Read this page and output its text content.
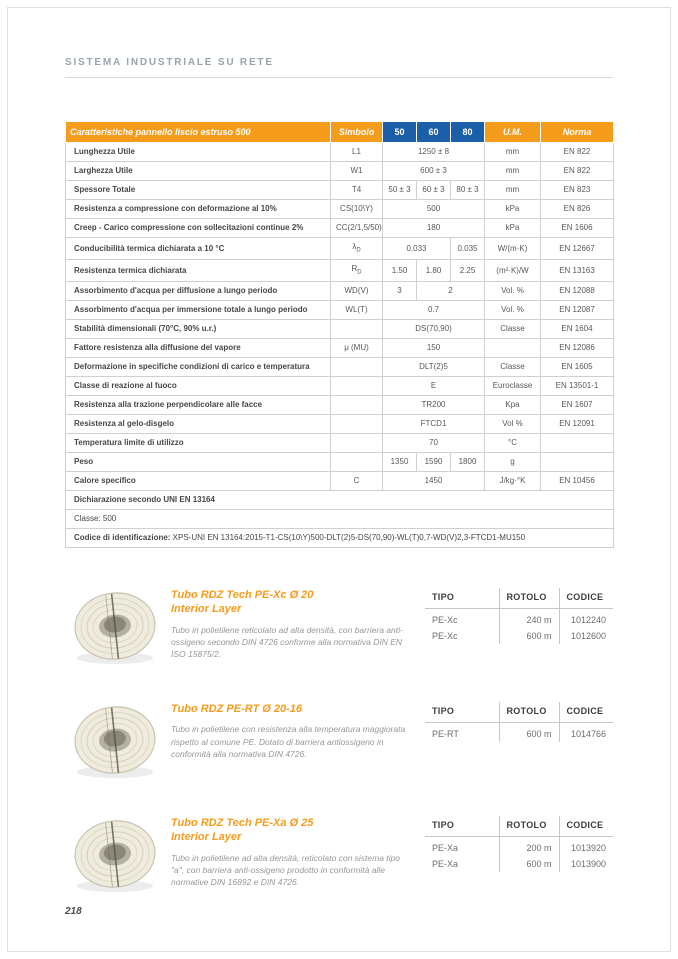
SISTEMA INDUSTRIALE SU RETE
Caratteristiche pannello liscio estruso 500	Simbolo	50	60	80	U.M.	Norma
Lunghezza Utile	L1	1250 ± 8			mm	EN 822
Larghezza Utile	W1	600 ± 3			mm	EN 822
Spessore Totale	T4	50 ± 3	60 ± 3	80 ± 3	mm	EN 823
Resistenza a compressione con deformazione al 10%	CS(10\Y)	500			kPa	EN 826
Creep - Carico compressione con sollecitazioni continue 2%	CC(2/1,5/50)	180			kPa	EN 1606
Conducibilità termica dichiarata a 10 °C	$\lambda_D$	0.033		0.035	W/(m·K)	EN 12667
Resistenza termica dichiarata	$R_D$	1.50	1.80	2.25	(m²·K)/W	EN 13163
Assorbimento d'acqua per diffusione a lungo periodo	WD(V)	3	2		Vol. %	EN 12088
Assorbimento d'acqua per immersione totale a lungo periodo	WL(T)	0.7			Vol. %	EN 12087
Stabilità dimensionali (70°C, 90% u.r.)		DS(70,90)			Classe	EN 1604
Fattore resistenza alla diffusione del vapore	μ (MU)	150				EN 12086
Deformazione in specifiche condizioni di carico e temperatura		DLT(2)5			Classe	EN 1605
Classe di reazione al fuoco		E			Euroclasse	EN 13501-1
Resistenza alla trazione perpendicolare alle facce		TR200			Kpa	EN 1607
Resistenza al gelo-disgelo		FTCD1			Vol %	EN 12091
Temperatura limite di utilizzo		70			°C	
Peso		1350	1590	1800	g	
Calore specifico	C	1450			J/kg·°K	EN 10456
Dichiarazione secondo UNI EN 13164						
Classe: 500						
Codice di identificazione: XPS-UNI EN 13164:2015-T1-CS(10\Y)500-DLT(2)5-DS(70,90)-WL(T)0,7-WD(V)2,3-FTCD1-MU150						
Tubo RDZ Tech PE-Xc Ø 20
Interior Layer

Tubo in polietilene reticolato ad alta densità, con barriera anti-ossigeno secondo DIN 4726 conforme alla normativa DIN EN ISO 15875/2.

TIPO	ROTOLO	CODICE
PE-Xc	240 m	1012240
PE-Xc	600 m	1012600
Tubo RDZ PE-RT Ø 20-16

Tubo in polietilene con resistenza alla temperatura maggiorata rispetto al comune PE. Dotato di barriera antiossigeno in conformità alla normativa DIN 4726.

TIPO	ROTOLO	CODICE
PE-RT	600 m	1014766
Tubo RDZ Tech PE-Xa Ø 25
Interior Layer

Tubo in polietilene ad alta densità, reticolato con sistema tipo "a", con barriera anti-ossigeno prodotto in conformità alle normative DIN 16892 e DIN 4726.

TIPO	ROTOLO	CODICE
PE-Xa	200 m	1013920
PE-Xa	600 m	1013900
218
